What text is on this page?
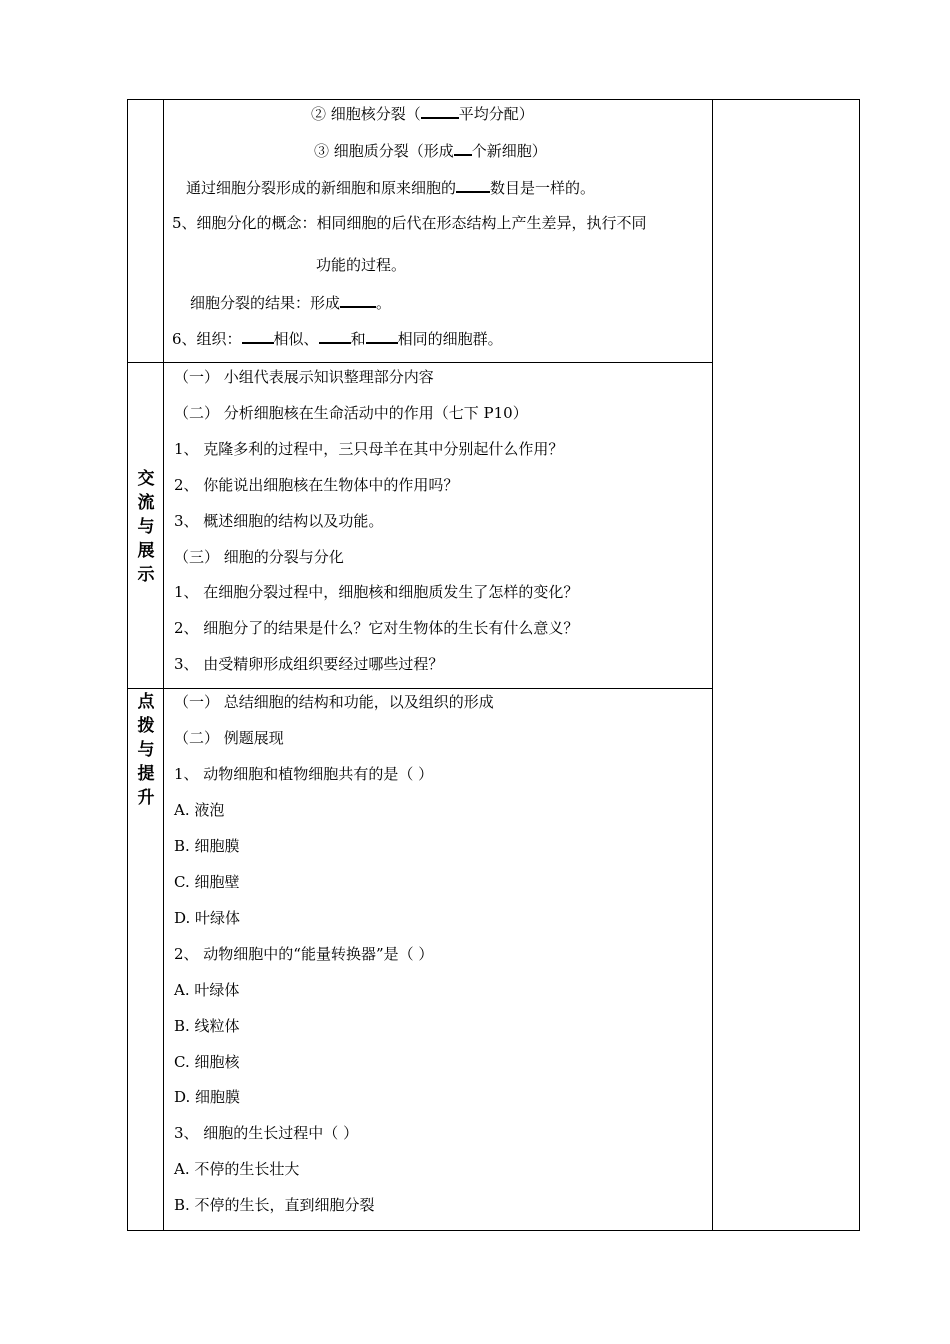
② 细胞核分裂（	平均分配）
③ 细胞质分裂（形成 个新细胞）
通过细胞分裂形成的新细胞和原来细胞的 数目是一样的。
5、细胞分化的概念：相同细胞的后代在形态结构上产生差异，执行不同
功能的过程。
细胞分裂的结果：形成 。
6、组织： 相似、 和 相同的细胞群。
交
流
与
展
示
（一） 小组代表展示知识整理部分内容
（二） 分析细胞核在生命活动中的作用（七下 P10）
1、 克隆多利的过程中，三只母羊在其中分别起什么作用？
2、 你能说出细胞核在生物体中的作用吗？
3、 概述细胞的结构以及功能。
（三） 细胞的分裂与分化
1、 在细胞分裂过程中，细胞核和细胞质发生了怎样的变化？
2、 细胞分了的结果是什么？它对生物体的生长有什么意义？
3、 由受精卵形成组织要经过哪些过程？
点
拨
与
提
升
（一） 总结细胞的结构和功能，以及组织的形成
（二） 例题展现
1、 动物细胞和植物细胞共有的是（ ）
A. 液泡
B. 细胞膜
C. 细胞壁
D. 叶绿体
2、 动物细胞中的“能量转换器”是（ ）
A. 叶绿体
B. 线粒体
C. 细胞核
D. 细胞膜
3、 细胞的生长过程中（ ）
A. 不停的生长壮大
B. 不停的生长，直到细胞分裂
